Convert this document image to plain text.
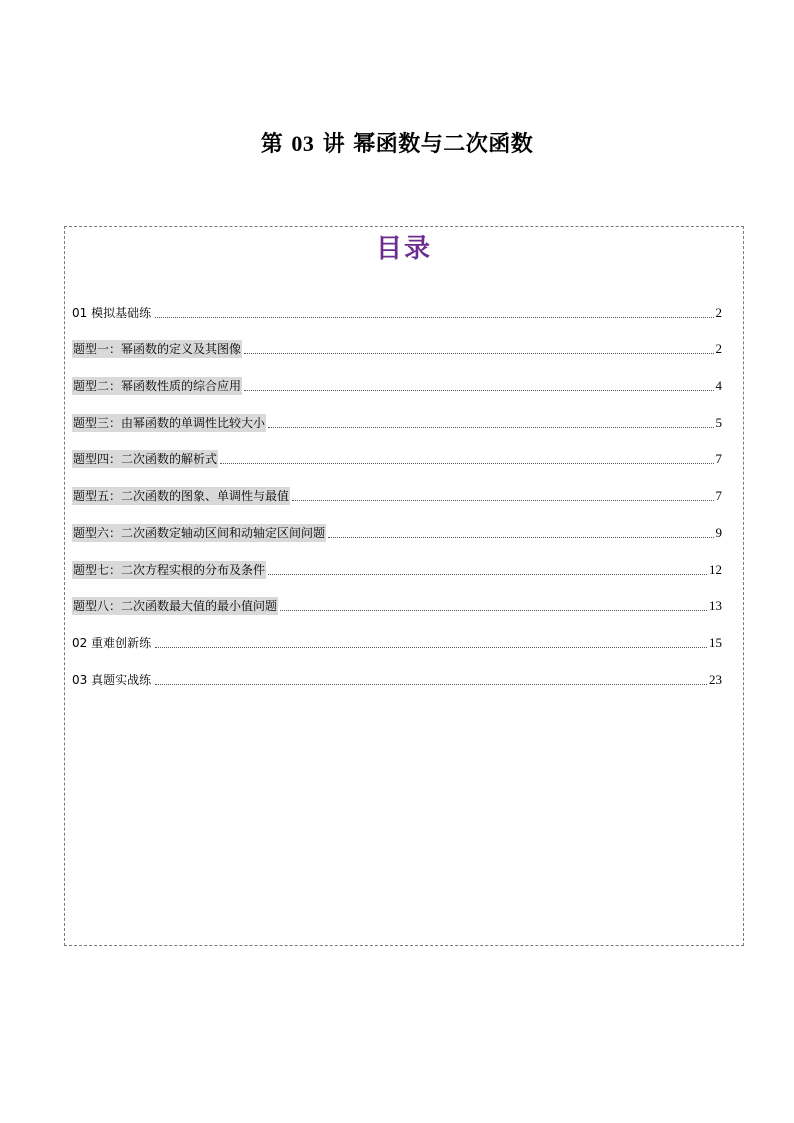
第 03 讲 幂函数与二次函数
目录
01 模拟基础练	2
题型一：幂函数的定义及其图像	2
题型二：幂函数性质的综合应用	4
题型三：由幂函数的单调性比较大小	5
题型四：二次函数的解析式	7
题型五：二次函数的图象、单调性与最值	7
题型六：二次函数定轴动区间和动轴定区间问题	9
题型七：二次方程实根的分布及条件	12
题型八：二次函数最大值的最小值问题	13
02 重难创新练	15
03 真题实战练	23
